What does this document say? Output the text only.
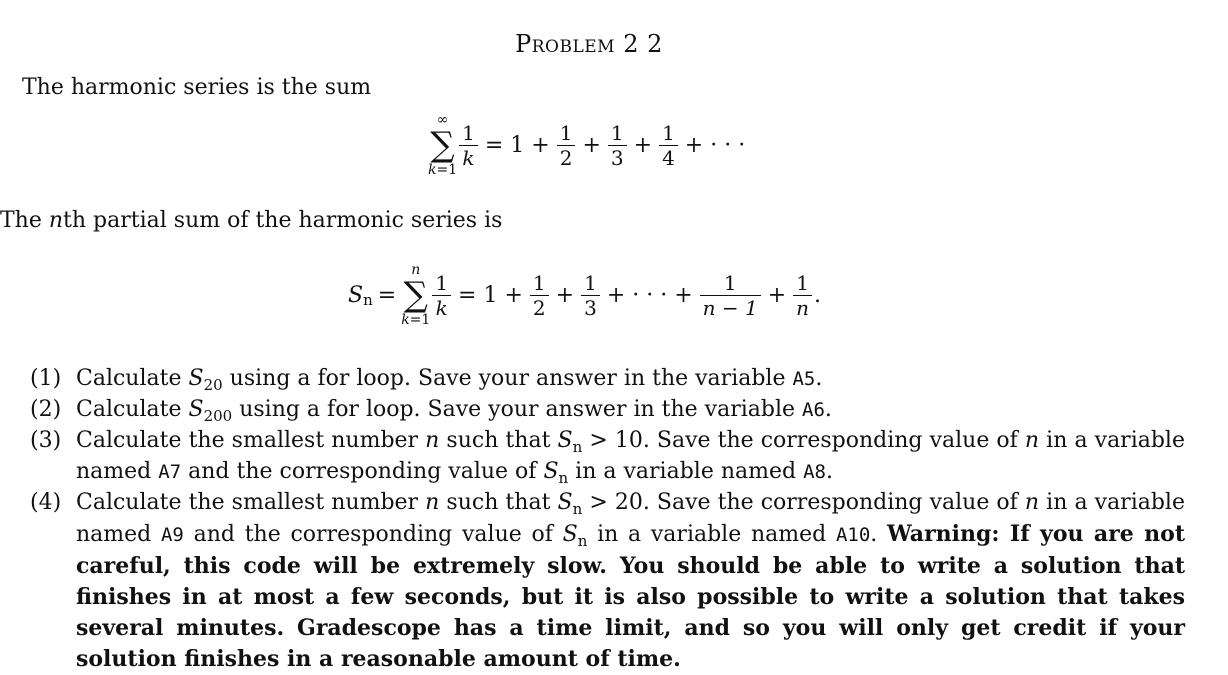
Problem 2 2
The harmonic series is the sum
∞
∑
k=1
$\frac{1}{k} = 1 + \frac{1}{2} + \frac{1}{3} + \frac{1}{4}$ + · · ·
The nth partial sum of the harmonic series is
S n =
n
∑
k=1
$\frac{1}{k} = 1 + \frac{1}{2} + \frac{1}{3}$ + · · · + $\frac{1}{n - 1} + \frac{1}{n}$ .
(1) Calculate $S_{20}$ using a for loop. Save your answer in the variable A5.
(2) Calculate $S_{200}$ using a for loop. Save your answer in the variable A6.
(3) Calculate the smallest number n such that $S_n > 10$. Save the corresponding value of n in a variable named A7 and the corresponding value of $S_n$ in a variable named A8.
(4) Calculate the smallest number n such that $S_n > 20$. Save the corresponding value of n in a variable named A9 and the corresponding value of $S_n$ in a variable named A10. Warning: If you are not careful, this code will be extremely slow. You should be able to write a solution that finishes in at most a few seconds, but it is also possible to write a solution that takes several minutes. Gradescope has a time limit, and so you will only get credit if your solution finishes in a reasonable amount of time.
